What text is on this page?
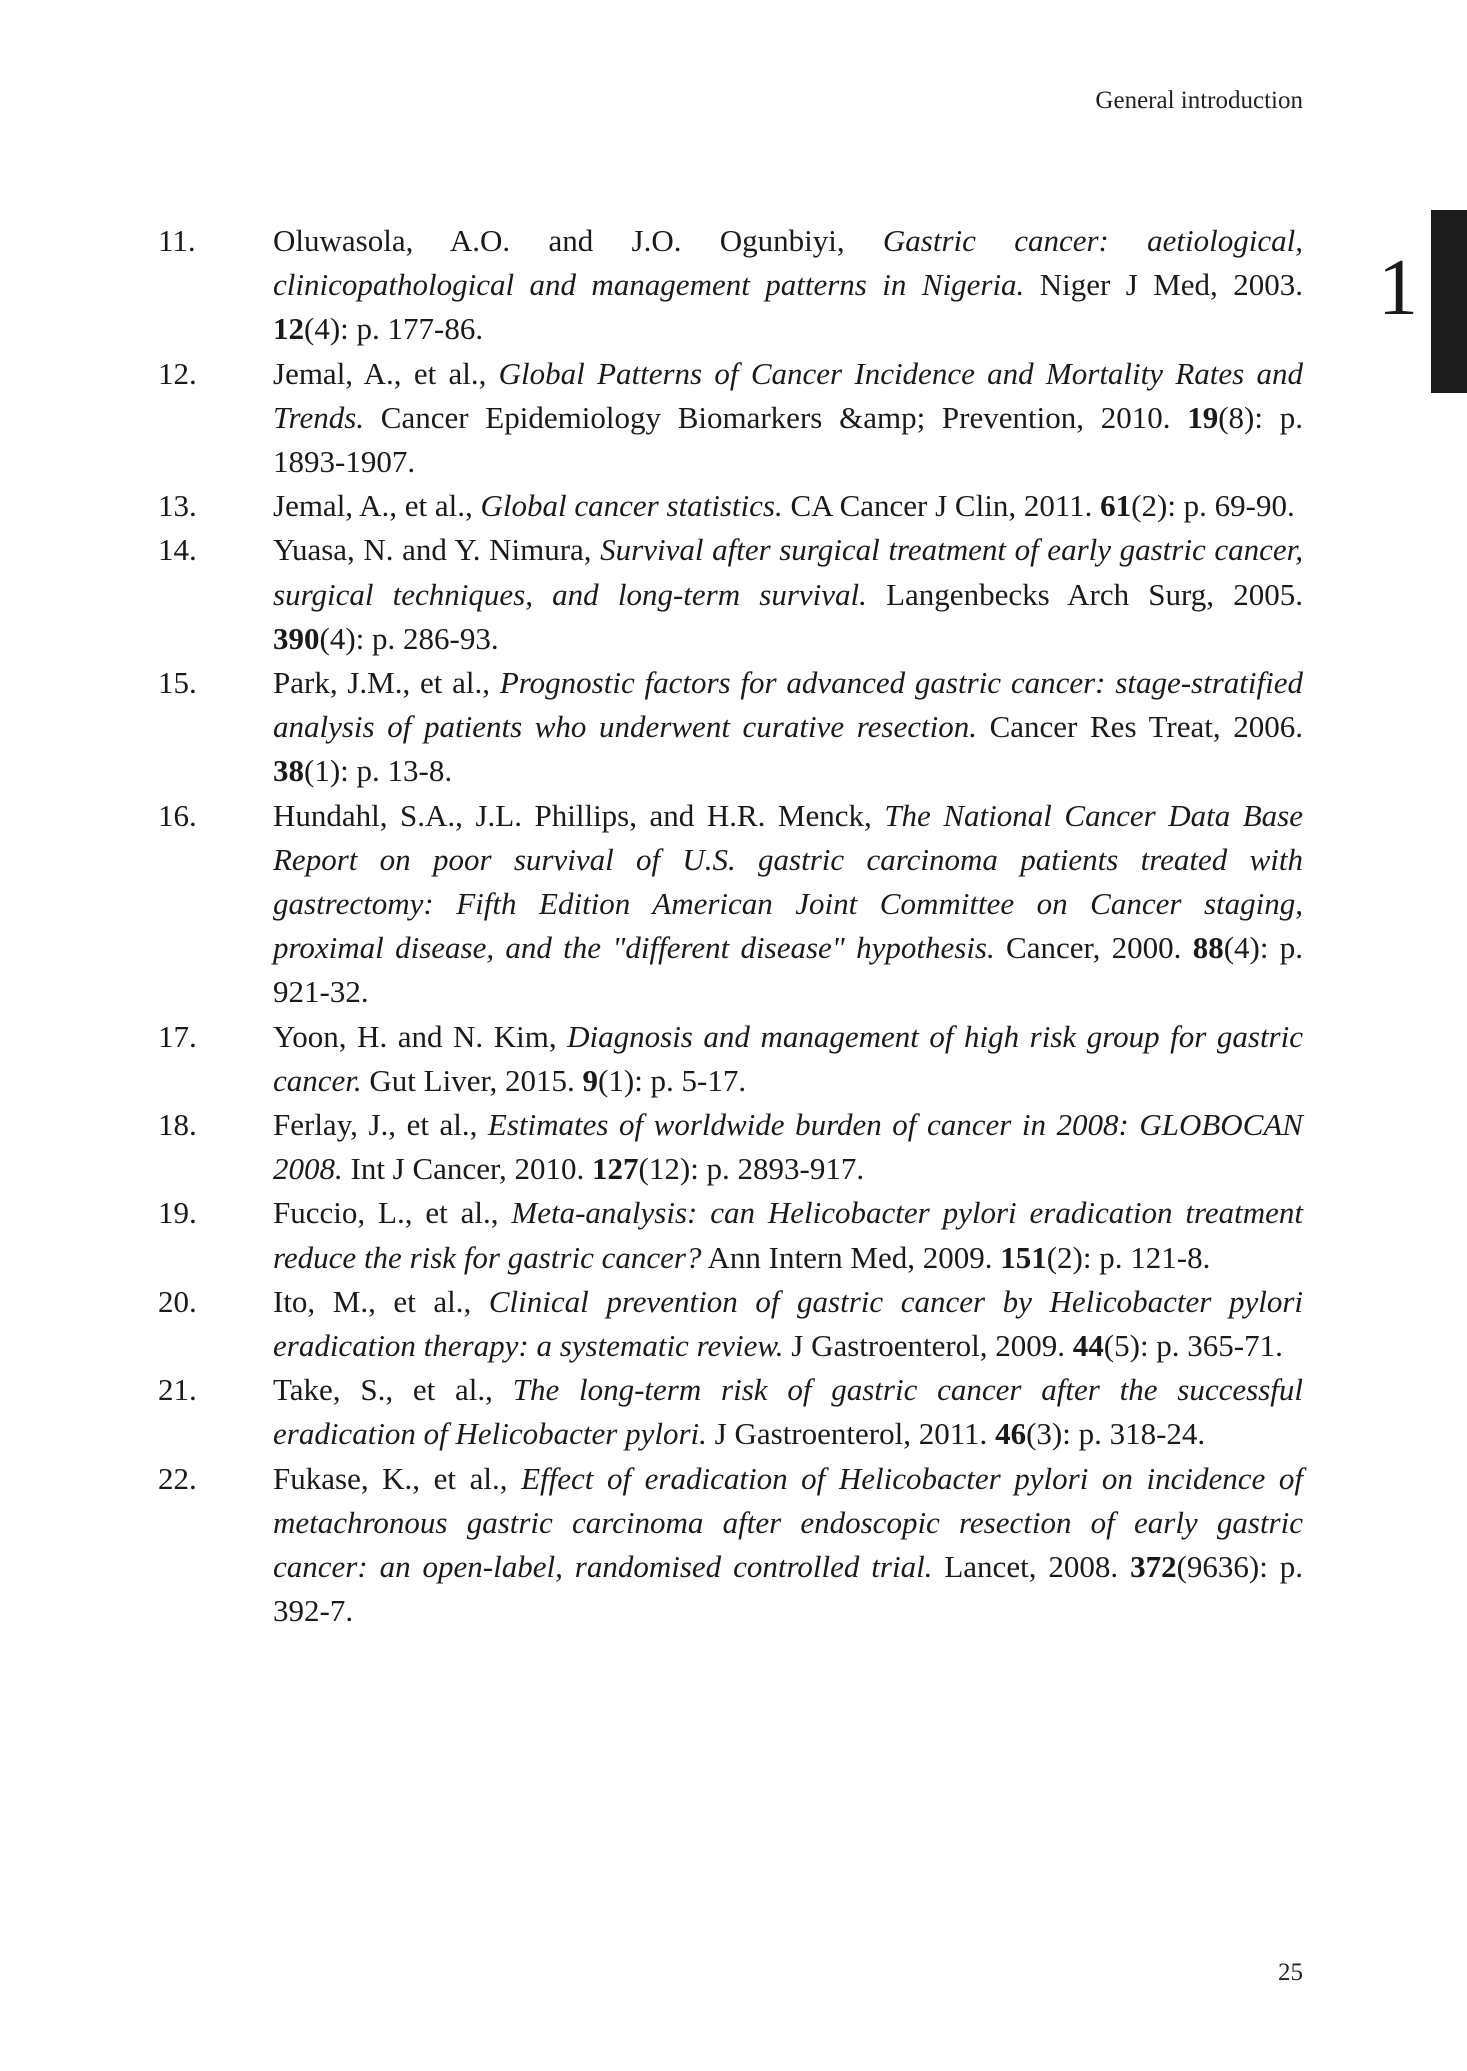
General introduction
1
11.	Oluwasola, A.O. and J.O. Ogunbiyi, Gastric cancer: aetiological, clinicopathological and management patterns in Nigeria. Niger J Med, 2003. 12(4): p. 177-86.
12.	Jemal, A., et al., Global Patterns of Cancer Incidence and Mortality Rates and Trends. Cancer Epidemiology Biomarkers &amp; Prevention, 2010. 19(8): p. 1893-1907.
13.	Jemal, A., et al., Global cancer statistics. CA Cancer J Clin, 2011. 61(2): p. 69-90.
14.	Yuasa, N. and Y. Nimura, Survival after surgical treatment of early gastric cancer, surgical techniques, and long-term survival. Langenbecks Arch Surg, 2005. 390(4): p. 286-93.
15.	Park, J.M., et al., Prognostic factors for advanced gastric cancer: stage-stratified analysis of patients who underwent curative resection. Cancer Res Treat, 2006. 38(1): p. 13-8.
16.	Hundahl, S.A., J.L. Phillips, and H.R. Menck, The National Cancer Data Base Report on poor survival of U.S. gastric carcinoma patients treated with gastrectomy: Fifth Edition American Joint Committee on Cancer staging, proximal disease, and the "different disease" hypothesis. Cancer, 2000. 88(4): p. 921-32.
17.	Yoon, H. and N. Kim, Diagnosis and management of high risk group for gastric cancer. Gut Liver, 2015. 9(1): p. 5-17.
18.	Ferlay, J., et al., Estimates of worldwide burden of cancer in 2008: GLOBOCAN 2008. Int J Cancer, 2010. 127(12): p. 2893-917.
19.	Fuccio, L., et al., Meta-analysis: can Helicobacter pylori eradication treatment reduce the risk for gastric cancer? Ann Intern Med, 2009. 151(2): p. 121-8.
20.	Ito, M., et al., Clinical prevention of gastric cancer by Helicobacter pylori eradication therapy: a systematic review. J Gastroenterol, 2009. 44(5): p. 365-71.
21.	Take, S., et al., The long-term risk of gastric cancer after the successful eradication of Helicobacter pylori. J Gastroenterol, 2011. 46(3): p. 318-24.
22.	Fukase, K., et al., Effect of eradication of Helicobacter pylori on incidence of metachronous gastric carcinoma after endoscopic resection of early gastric cancer: an open-label, randomised controlled trial. Lancet, 2008. 372(9636): p. 392-7.
25
